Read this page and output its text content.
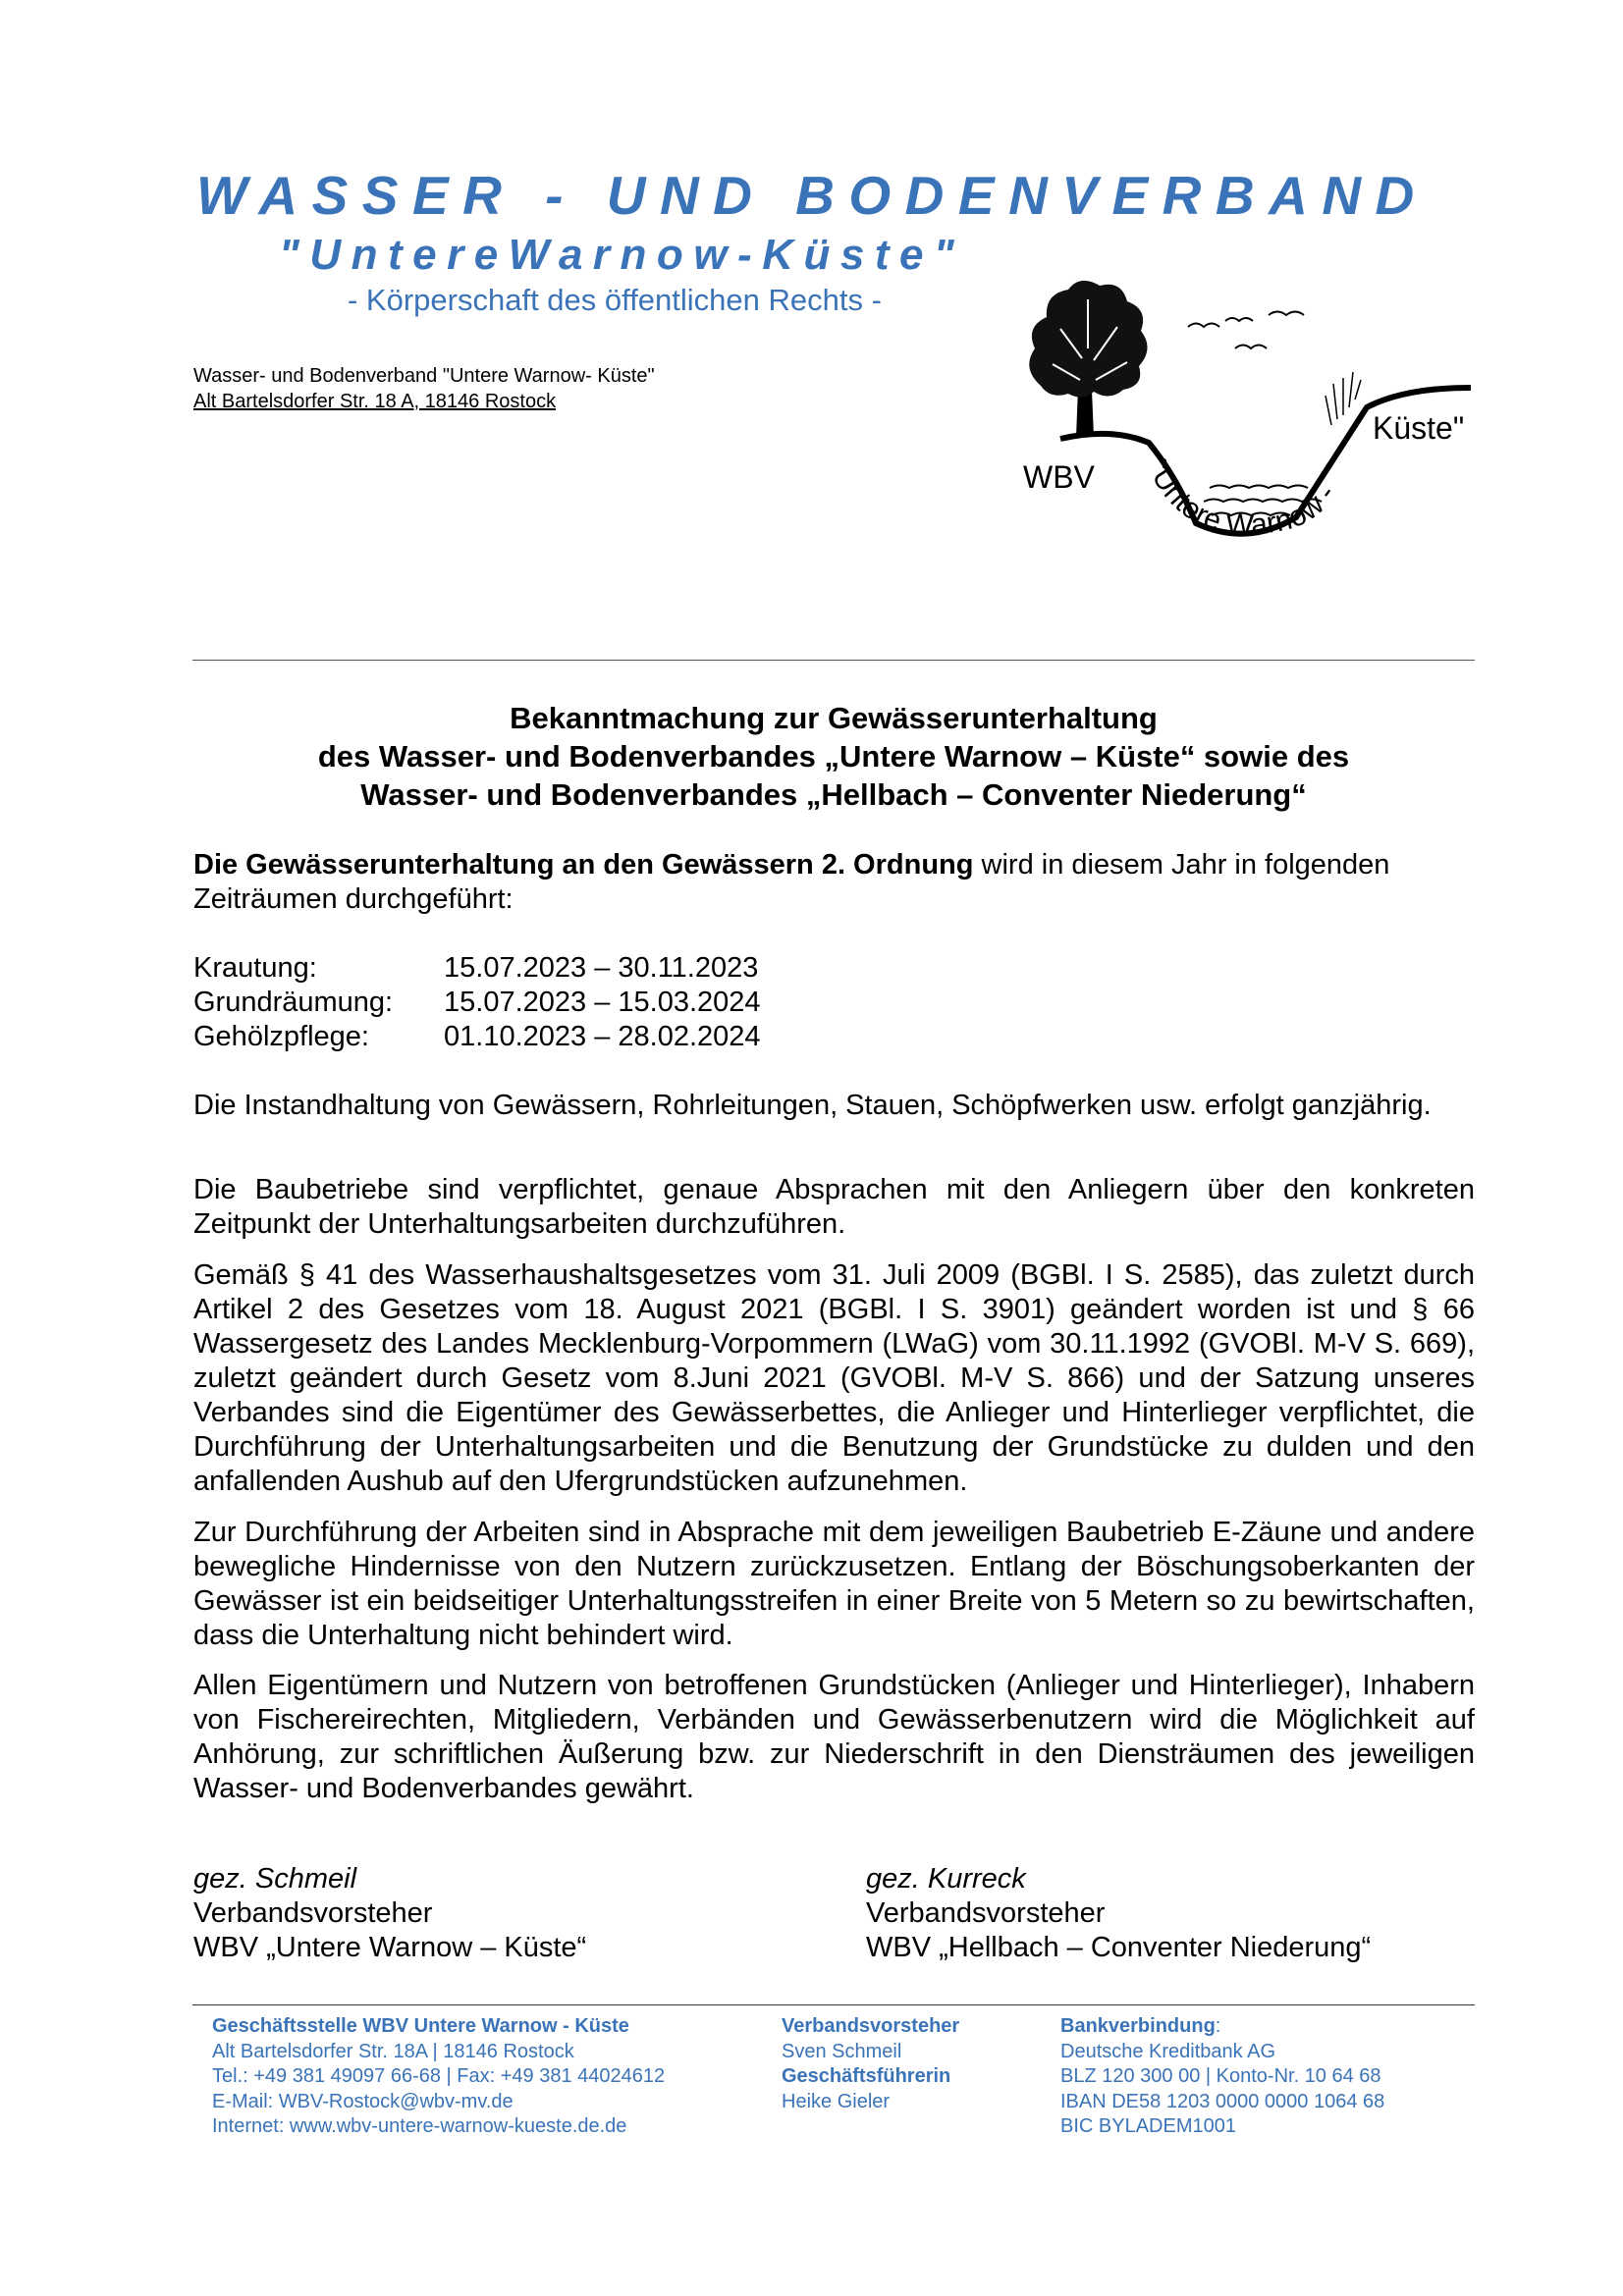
WASSER - UND BODENVERBAND
"UntereWarnow-Küste"
- Körperschaft des öffentlichen Rechts -
Wasser- und Bodenverband "Untere Warnow- Küste"
Alt Bartelsdorfer Str. 18 A, 18146 Rostock
WBV
Küste"
"Untere Warnow -
Bekanntmachung zur Gewässerunterhaltung
des Wasser- und Bodenverbandes „Untere Warnow – Küste“ sowie des
Wasser- und Bodenverbandes „Hellbach – Conventer Niederung“
Die Gewässerunterhaltung an den Gewässern 2. Ordnung wird in diesem Jahr in folgenden Zeiträumen durchgeführt:
Krautung:	15.07.2023 – 30.11.2023
Grundräumung: 15.07.2023 – 15.03.2024
Gehölzpflege:	01.10.2023 – 28.02.2024
Die Instandhaltung von Gewässern, Rohrleitungen, Stauen, Schöpfwerken usw. erfolgt ganzjährig.
Die Baubetriebe sind verpflichtet, genaue Absprachen mit den Anliegern über den konkreten Zeitpunkt der Unterhaltungsarbeiten durchzuführen.
Gemäß § 41 des Wasserhaushaltsgesetzes vom 31. Juli 2009 (BGBl. I S. 2585), das zuletzt durch Artikel 2 des Gesetzes vom 18. August 2021 (BGBl. I S. 3901) geändert worden ist und § 66 Wassergesetz des Landes Mecklenburg-Vorpommern (LWaG) vom 30.11.1992 (GVOBl. M-V S. 669), zuletzt geändert durch Gesetz vom 8.Juni 2021 (GVOBl. M-V S. 866) und der Satzung unseres Verbandes sind die Eigentümer des Gewässerbettes, die Anlieger und Hinterlieger verpflichtet, die Durchführung der Unterhaltungsarbeiten und die Benutzung der Grundstücke zu dulden und den anfallenden Aushub auf den Ufergrundstücken aufzunehmen.
Zur Durchführung der Arbeiten sind in Absprache mit dem jeweiligen Baubetrieb E-Zäune und andere bewegliche Hindernisse von den Nutzern zurückzusetzen. Entlang der Böschungsoberkanten der Gewässer ist ein beidseitiger Unterhaltungsstreifen in einer Breite von 5 Metern so zu bewirtschaften, dass die Unterhaltung nicht behindert wird.
Allen Eigentümern und Nutzern von betroffenen Grundstücken (Anlieger und Hinterlieger), Inhabern von Fischereirechten, Mitgliedern, Verbänden und Gewässerbenutzern wird die Möglichkeit auf Anhörung, zur schriftlichen Äußerung bzw. zur Niederschrift in den Diensträumen des jeweiligen Wasser- und Bodenverbandes gewährt.
gez. Schmeil
Verbandsvorsteher
WBV „Untere Warnow – Küste“
gez. Kurreck
Verbandsvorsteher
WBV „Hellbach – Conventer Niederung“
Geschäftsstelle WBV Untere Warnow - Küste
Alt Bartelsdorfer Str. 18A | 18146 Rostock
Tel.: +49 381 49097 66-68 | Fax: +49 381 44024612
E-Mail: WBV-Rostock@wbv-mv.de
Internet: www.wbv-untere-warnow-kueste.de.de
Verbandsvorsteher
Sven Schmeil
Geschäftsführerin
Heike Gieler
Bankverbindung:
Deutsche Kreditbank AG
BLZ 120 300 00 | Konto-Nr. 10 64 68
IBAN DE58 1203 0000 0000 1064 68
BIC BYLADEM1001
